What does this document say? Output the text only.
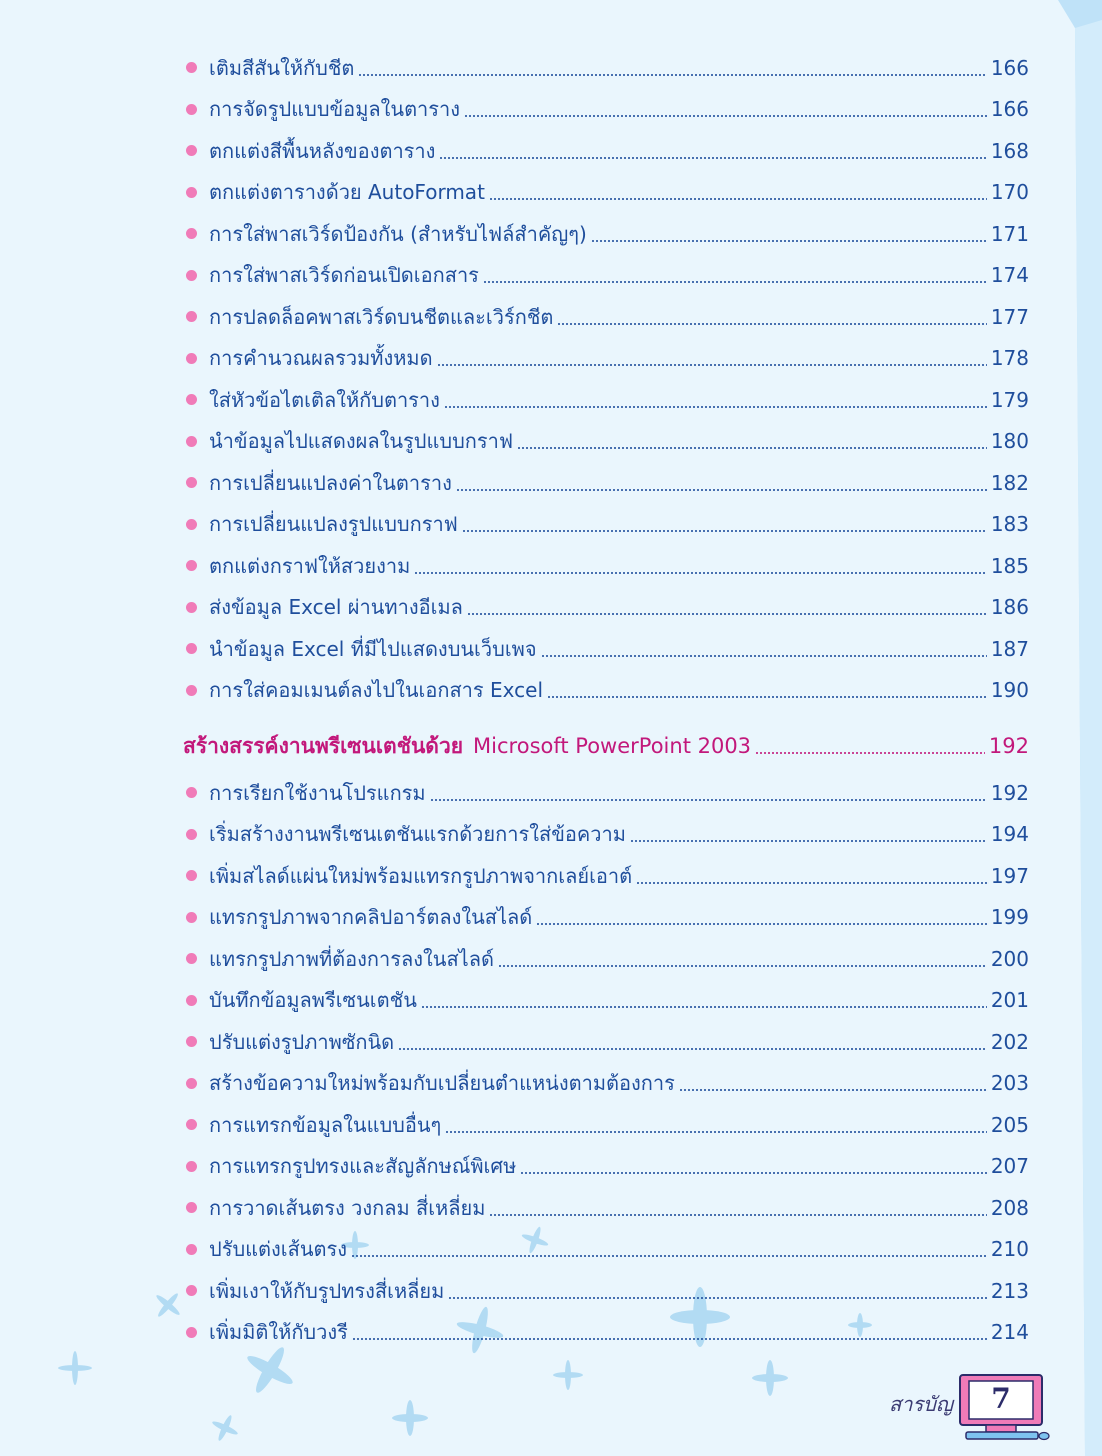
เติมสีสันให้กับชีต	166
การจัดรูปแบบข้อมูลในตาราง	166
ตกแต่งสีพื้นหลังของตาราง	168
ตกแต่งตารางด้วย AutoFormat	170
การใส่พาสเวิร์ดป้องกัน (สำหรับไฟล์สำคัญๆ)	171
การใส่พาสเวิร์ดก่อนเปิดเอกสาร	174
การปลดล็อคพาสเวิร์ดบนชีตและเวิร์กชีต	177
การคำนวณผลรวมทั้งหมด	178
ใส่หัวข้อไตเติลให้กับตาราง	179
นำข้อมูลไปแสดงผลในรูปแบบกราฟ	180
การเปลี่ยนแปลงค่าในตาราง	182
การเปลี่ยนแปลงรูปแบบกราฟ	183
ตกแต่งกราฟให้สวยงาม	185
ส่งข้อมูล Excel ผ่านทางอีเมล	186
นำข้อมูล Excel ที่มีไปแสดงบนเว็บเพจ	187
การใส่คอมเมนต์ลงไปในเอกสาร Excel	190
สร้างสรรค์งานพรีเซนเตชันด้วย Microsoft PowerPoint 2003	192
การเรียกใช้งานโปรแกรม	192
เริ่มสร้างงานพรีเซนเตชันแรกด้วยการใส่ข้อความ	194
เพิ่มสไลด์แผ่นใหม่พร้อมแทรกรูปภาพจากเลย์เอาต์	197
แทรกรูปภาพจากคลิปอาร์ตลงในสไลด์	199
แทรกรูปภาพที่ต้องการลงในสไลด์	200
บันทึกข้อมูลพรีเซนเตชัน	201
ปรับแต่งรูปภาพซักนิด	202
สร้างข้อความใหม่พร้อมกับเปลี่ยนตำแหน่งตามต้องการ	203
การแทรกข้อมูลในแบบอื่นๆ	205
การแทรกรูปทรงและสัญลักษณ์พิเศษ	207
การวาดเส้นตรง วงกลม สี่เหลี่ยม	208
ปรับแต่งเส้นตรง	210
เพิ่มเงาให้กับรูปทรงสี่เหลี่ยม	213
เพิ่มมิติให้กับวงรี	214
สารบัญ	7
